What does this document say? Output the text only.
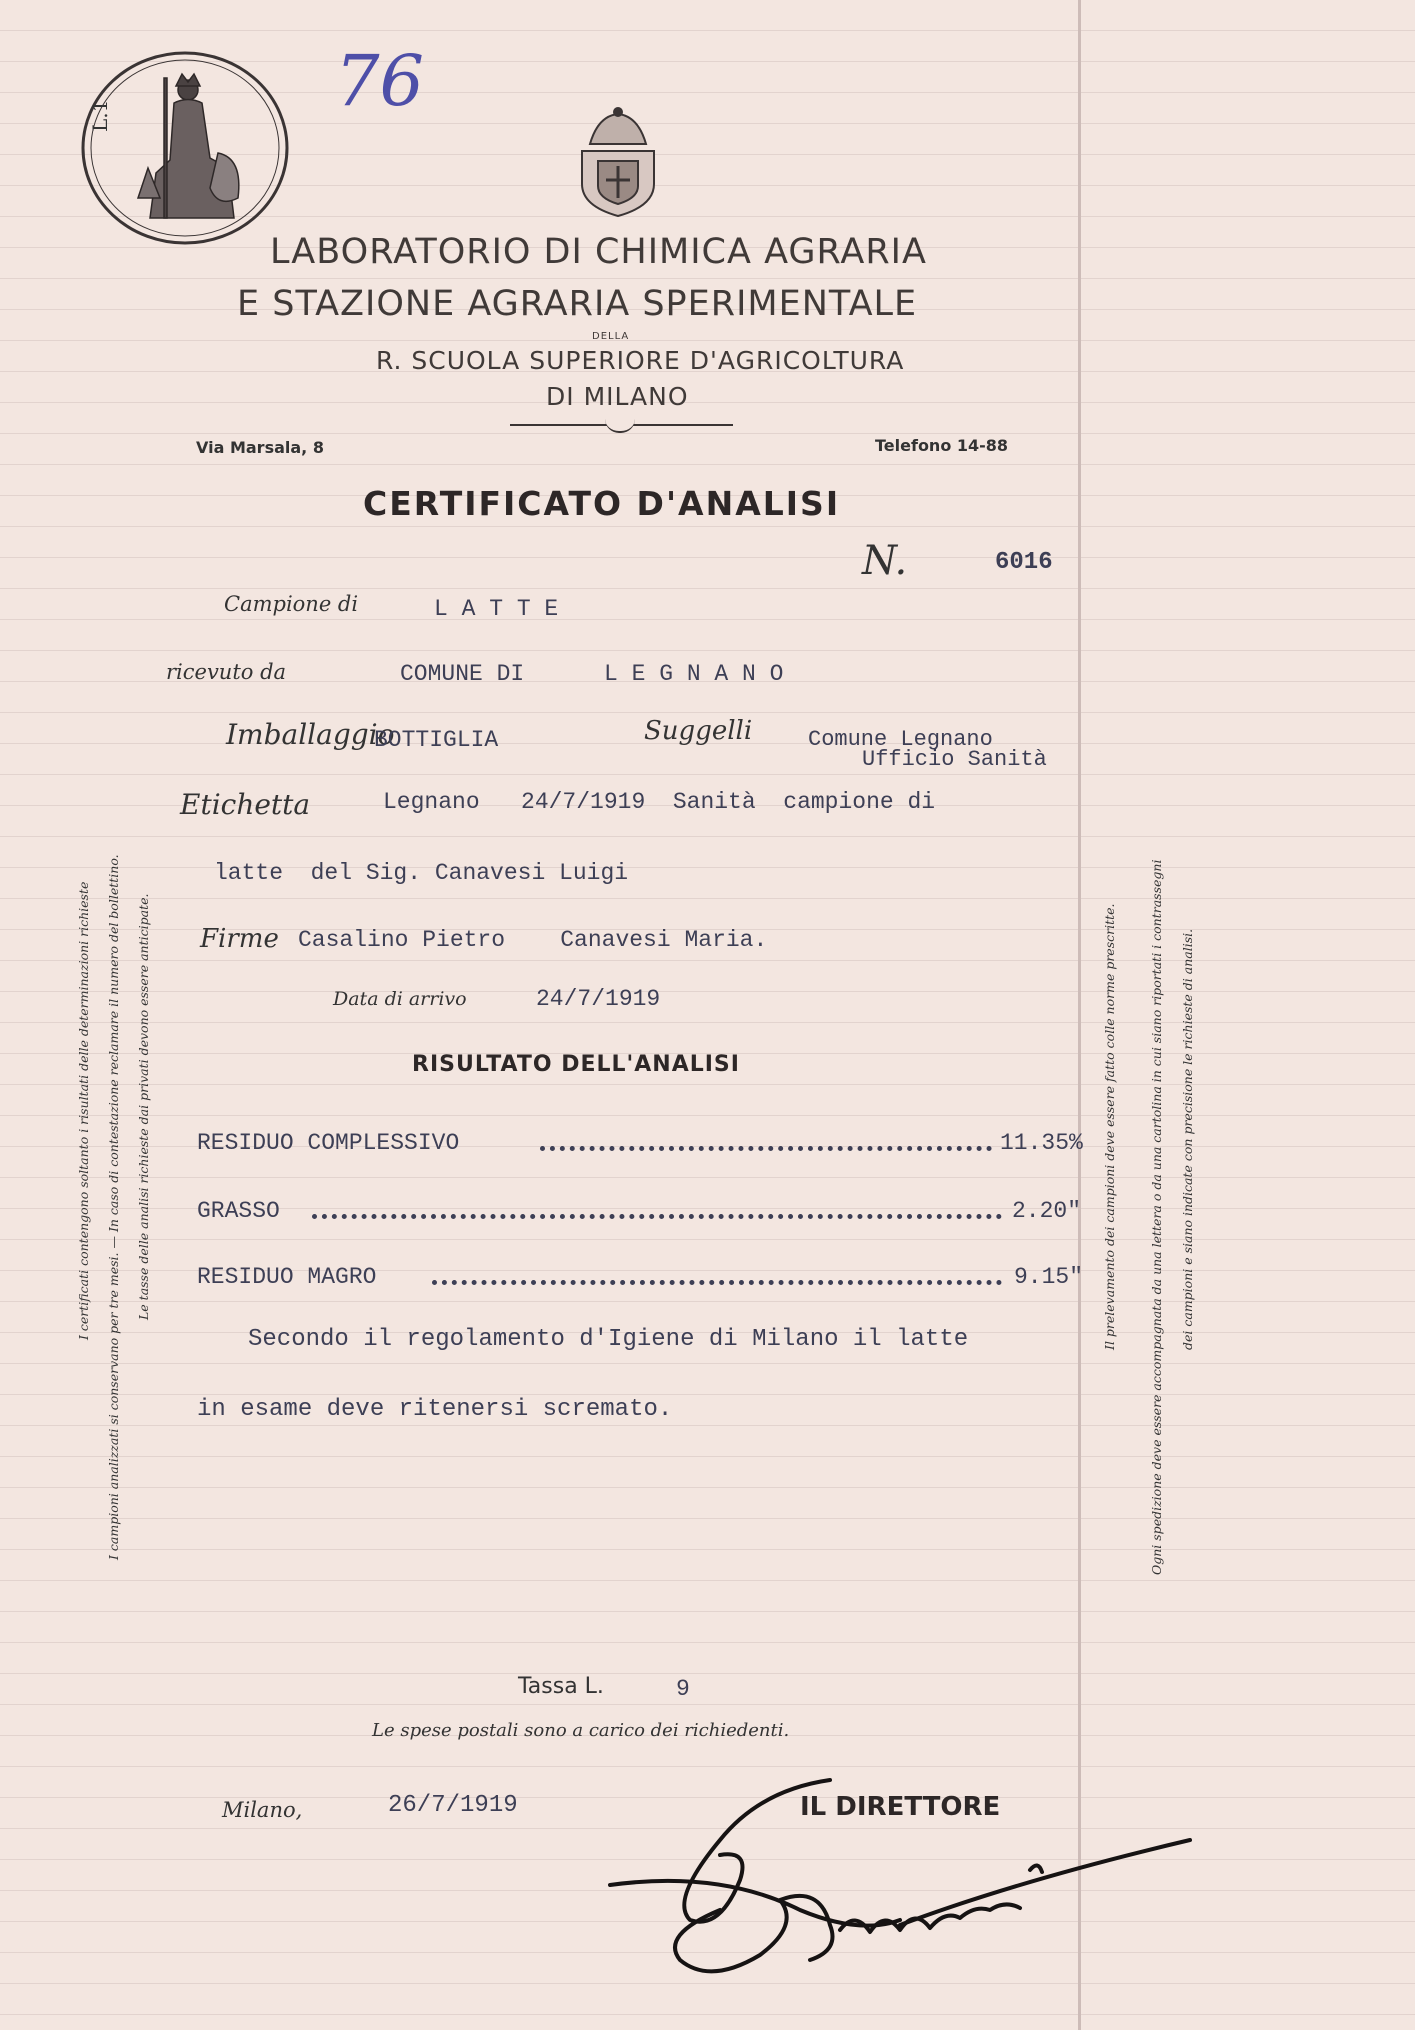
L.1	76
LABORATORIO DI CHIMICA AGRARIA
E STAZIONE AGRARIA SPERIMENTALE
DELLA
R. SCUOLA SUPERIORE D'AGRICOLTURA
DI MILANO
Via Marsala, 8	Telefono 14-88
CERTIFICATO D'ANALISI
N.	6016
Campione di	L A T T E
ricevuto da	COMUNE DI	L E G N A N O
Imballaggio
BOTTIGLIA	Suggelli	Comune Legnano
Ufficio Sanità
Etichetta	Legnano   24/7/1919  Sanità  campione di
latte  del Sig. Canavesi Luigi
Firme Casalino Pietro    Canavesi Maria.
Data di arrivo	24/7/1919
RISULTATO DELL'ANALISI
RESIDUO COMPLESSIVO	11.35%
GRASSO	2.20"
RESIDUO MAGRO	9.15"
Secondo il regolamento d'Igiene di Milano il latte
in esame deve ritenersi scremato.
Tassa L.	9
Le spese postali sono a carico dei richiedenti.
Milano,	26/7/1919	IL DIRETTORE
I certificati contengono soltanto i risultati delle determinazioni richieste I campioni analizzati si conservano per tre mesi. — In caso di contestazione reclamare il numero del bollettino. Le tasse delle analisi richieste dai privati devono essere anticipate.	Il prelevamento dei campioni deve essere fatto colle norme prescritte.	Ogni spedizione deve essere accompagnata da una lettera o da una cartolina in cui siano riportati i contrassegni dei campioni e siano indicate con precisione le richieste di analisi.
